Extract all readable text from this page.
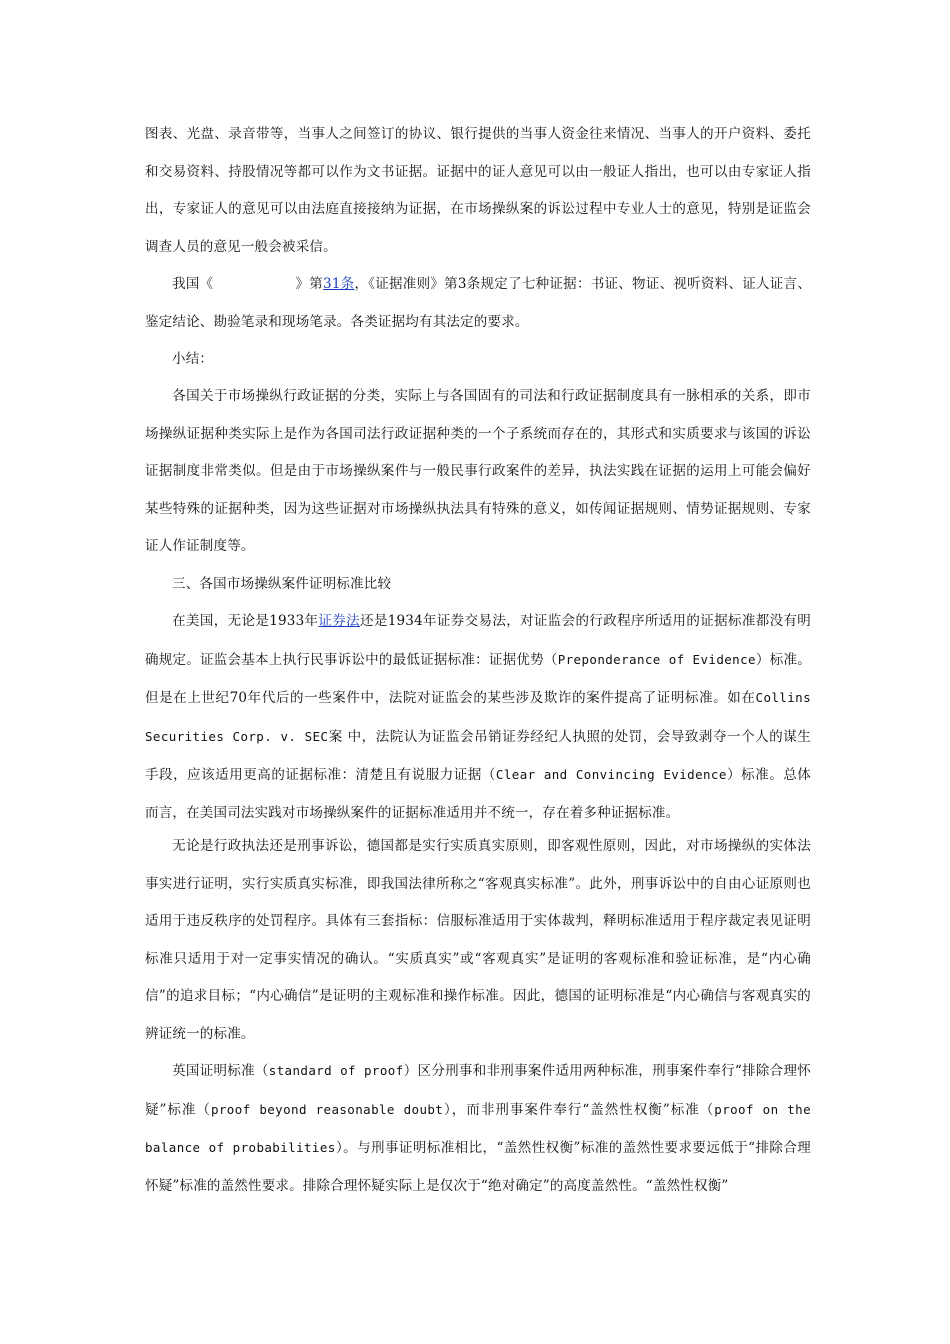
图表、光盘、录音带等，当事人之间签订的协议、银行提供的当事人资金往来情况、当事人的开户资料、委托和交易资料、持股情况等都可以作为文书证据。证据中的证人意见可以由一般证人指出，也可以由专家证人指出，专家证人的意见可以由法庭直接接纳为证据，在市场操纵案的诉讼过程中专业人士的意见，特别是证监会调查人员的意见一般会被采信。

我国《	》第31条，《证据准则》第3条规定了七种证据：书证、物证、视听资料、证人证言、鉴定结论、勘验笔录和现场笔录。各类证据均有其法定的要求。

小结：

各国关于市场操纵行政证据的分类，实际上与各国固有的司法和行政证据制度具有一脉相承的关系，即市场操纵证据种类实际上是作为各国司法行政证据种类的一个子系统而存在的，其形式和实质要求与该国的诉讼证据制度非常类似。但是由于市场操纵案件与一般民事行政案件的差异，执法实践在证据的运用上可能会偏好某些特殊的证据种类，因为这些证据对市场操纵执法具有特殊的意义，如传闻证据规则、情势证据规则、专家证人作证制度等。

三、各国市场操纵案件证明标准比较

在美国，无论是1933年证券法还是1934年证券交易法，对证监会的行政程序所适用的证据标准都没有明确规定。证监会基本上执行民事诉讼中的最低证据标准：证据优势（Preponderance of Evidence）标准。但是在上世纪70年代后的一些案件中，法院对证监会的某些涉及欺诈的案件提高了证明标准。如在Collins Securities Corp. v. SEC案 中，法院认为证监会吊销证券经纪人执照的处罚，会导致剥夺一个人的谋生手段，应该适用更高的证据标准：清楚且有说服力证据（Clear and Convincing Evidence）标准。总体而言，在美国司法实践对市场操纵案件的证据标准适用并不统一，存在着多种证据标准。

无论是行政执法还是刑事诉讼，德国都是实行实质真实原则，即客观性原则，因此，对市场操纵的实体法事实进行证明，实行实质真实标准，即我国法律所称之“客观真实标准”。此外，刑事诉讼中的自由心证原则也适用于违反秩序的处罚程序。具体有三套指标：信服标准适用于实体裁判，释明标准适用于程序裁定表见证明标准只适用于对一定事实情况的确认。“实质真实”或“客观真实”是证明的客观标准和验证标准，是“内心确信”的追求目标；“内心确信”是证明的主观标准和操作标准。因此，德国的证明标准是“内心确信与客观真实的辨证统一的标准。

英国证明标准（standard of proof）区分刑事和非刑事案件适用两种标准，刑事案件奉行“排除合理怀疑”标准（proof beyond reasonable doubt），而非刑事案件奉行“盖然性权衡”标准（proof on the balance of probabilities）。与刑事证明标准相比，“盖然性权衡”标准的盖然性要求要远低于“排除合理怀疑”标准的盖然性要求。排除合理怀疑实际上是仅次于“绝对确定”的高度盖然性。“盖然性权衡”
